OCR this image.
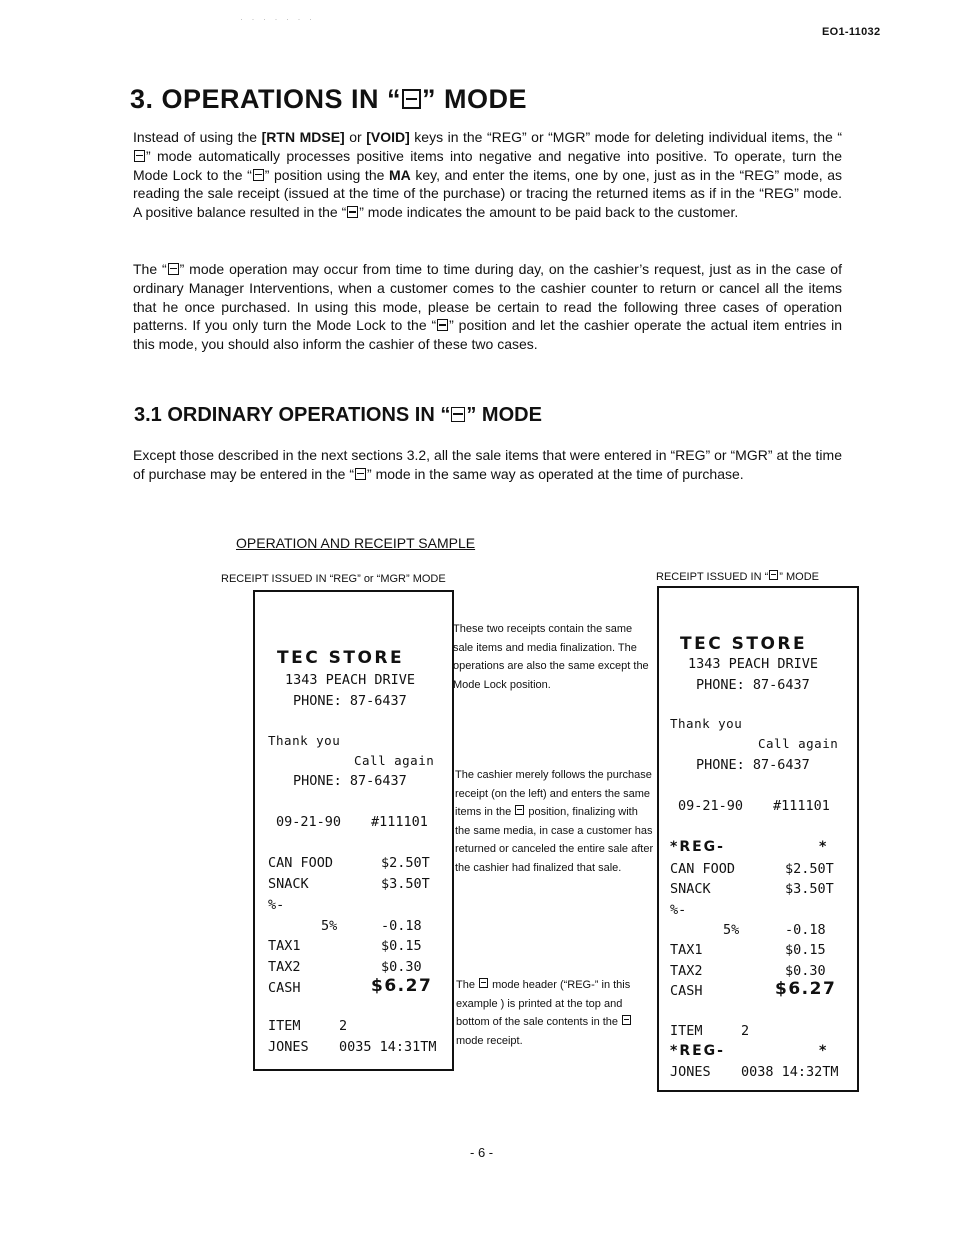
· · · · · · ·
EO1-11032
3. OPERATIONS IN “ ” MODE
Instead of using the [RTN MDSE] or [VOID] keys in the “REG” or “MGR” mode for deleting individual items, the “” mode automatically processes positive items into negative and negative into positive. To operate, turn the Mode Lock to the “ ” position using the MA key, and enter the items, one by one, just as in the “REG” mode, as reading the sale receipt (issued at the time of the purchase) or tracing the returned items as if in the “REG” mode. A positive balance resulted in the “ ” mode indicates the amount to be paid back to the customer.
The “ ” mode operation may occur from time to time during day, on the cashier’s request, just as in the case of ordinary Manager Interventions, when a customer comes to the cashier counter to return or cancel all the items that he once purchased. In using this mode, please be certain to read the following three cases of operation patterns. If you only turn the Mode Lock to the “ ” position and let the cashier operate the actual item entries in this mode, you should also inform the cashier of these two cases.
3.1 ORDINARY OPERATIONS IN “ ” MODE
Except those described in the next sections 3.2, all the sale items that were entered in “REG” or “MGR” at the time of purchase may be entered in the “ ” mode in the same way as operated at the time of purchase.
OPERATION AND RECEIPT SAMPLE
RECEIPT ISSUED IN “REG” or “MGR” MODE	RECEIPT ISSUED IN “ ” MODE
TEC STORE
1343 PEACH DRIVE
PHONE: 87-6437
Thank you
Call again
PHONE: 87-6437
09-21-90 #111101
CAN FOOD	$2.50T
SNACK	$3.50T
%-
5%	-0.18
TAX1	$0.15
TAX2	$0.30
CASH	$6.27
ITEM	2
JONES 0035 14:31TM
These two receipts contain the same sale items and media finalization. The operations are also the same except the Mode Lock position.
The cashier merely follows the purchase receipt (on the left) and enters the same items in the  position, finalizing with the same media, in case a customer has returned or canceled the entire sale after the cashier had finalized that sale.
The  mode header (“REG-” in this example ) is printed at the top and bottom of the sale contents in the  mode receipt.
TEC STORE
1343 PEACH DRIVE
PHONE: 87-6437
Thank you
Call again
PHONE: 87-6437
09-21-90 #111101
*REG-	*
CAN FOOD	$2.50T
SNACK	$3.50T
%-
5%	-0.18
TAX1	$0.15
TAX2	$0.30
CASH	$6.27
ITEM	2
*REG-	*
JONES 0038 14:32TM
- 6 -
